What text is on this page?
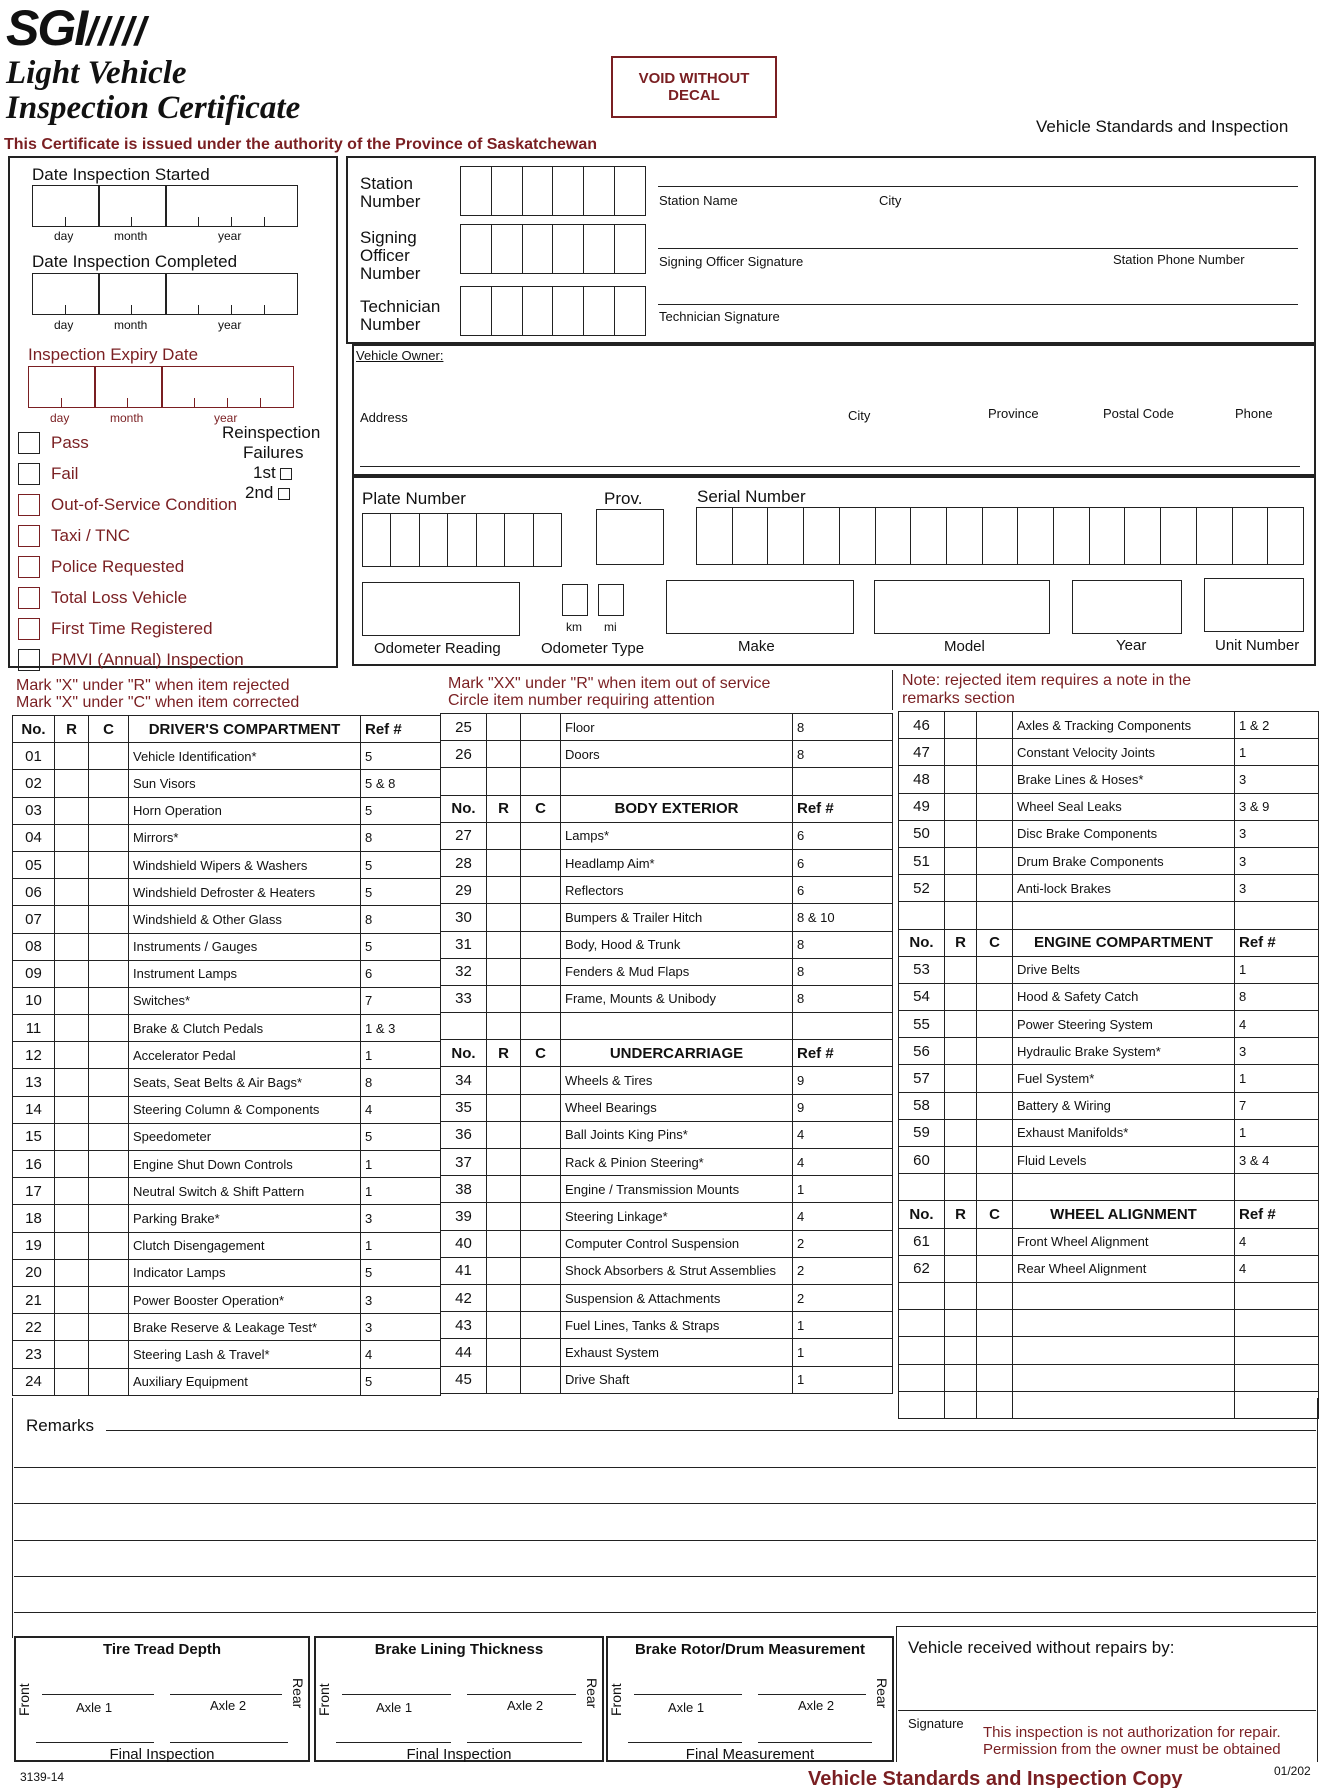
SGI/////
Light Vehicle
Inspection Certificate
This Certificate is issued under the authority of the Province of Saskatchewan
VOID WITHOUT DECAL
Vehicle Standards and Inspection
Date Inspection Started
day	month	year
Date Inspection Completed
day	month	year
Inspection Expiry Date
day	month	year
Reinspection
Failures
1st
2nd
Pass
Fail
Out-of-Service Condition
Taxi / TNC
Police Requested
Total Loss Vehicle
First Time Registered
PMVI (Annual) Inspection
Station Number
Signing Officer Number
Technician Number
Station Name	City
Signing Officer Signature	Station Phone Number
Technician Signature
Vehicle Owner:
Address	City	Province	Postal Code	Phone
Plate Number	Prov.	Serial Number
km mi
Odometer Reading	Odometer Type	Make	Model	Year	Unit Number
Mark "X" under "R" when item rejected
Mark "X" under "C" when item corrected
Mark "XX" under "R" when item out of service
Circle item number requiring attention
Note: rejected item requires a note in the
remarks section
No.	R	C	DRIVER'S COMPARTMENT	Ref #
01			Vehicle Identification*	5
02			Sun Visors	5 & 8
03			Horn Operation	5
04			Mirrors*	8
05			Windshield Wipers & Washers	5
06			Windshield Defroster & Heaters	5
07			Windshield & Other Glass	8
08			Instruments / Gauges	5
09			Instrument Lamps	6
10			Switches*	7
11			Brake & Clutch Pedals	1 & 3
12			Accelerator Pedal	1
13			Seats, Seat Belts & Air Bags*	8
14			Steering Column & Components	4
15			Speedometer	5
16			Engine Shut Down Controls	1
17			Neutral Switch & Shift Pattern	1
18			Parking Brake*	3
19			Clutch Disengagement	1
20			Indicator Lamps	5
21			Power Booster Operation*	3
22			Brake Reserve & Leakage Test*	3
23			Steering Lash & Travel*	4
24			Auxiliary Equipment	5
25			Floor	8
26			Doors	8

No.	R	C	BODY EXTERIOR	Ref #
27			Lamps*	6
28			Headlamp Aim*	6
29			Reflectors	6
30			Bumpers & Trailer Hitch	8 & 10
31			Body, Hood & Trunk	8
32			Fenders & Mud Flaps	8
33			Frame, Mounts & Unibody	8

No.	R	C	UNDERCARRIAGE	Ref #
34			Wheels & Tires	9
35			Wheel Bearings	9
36			Ball Joints King Pins*	4
37			Rack & Pinion Steering*	4
38			Engine / Transmission Mounts	1
39			Steering Linkage*	4
40			Computer Control Suspension	2
41			Shock Absorbers & Strut Assemblies	2
42			Suspension & Attachments	2
43			Fuel Lines, Tanks & Straps	1
44			Exhaust System	1
45			Drive Shaft	1
46			Axles & Tracking Components	1 & 2
47			Constant Velocity Joints	1
48			Brake Lines & Hoses*	3
49			Wheel Seal Leaks	3 & 9
50			Disc Brake Components	3
51			Drum Brake Components	3
52			Anti-lock Brakes	3

No.	R	C	ENGINE COMPARTMENT	Ref #
53			Drive Belts	1
54			Hood & Safety Catch	8
55			Power Steering System	4
56			Hydraulic Brake System*	3
57			Fuel System*	1
58			Battery & Wiring	7
59			Exhaust Manifolds*	1
60			Fluid Levels	3 & 4

No.	R	C	WHEEL ALIGNMENT	Ref #
61			Front Wheel Alignment	4
62			Rear Wheel Alignment	4

Remarks
Tire Tread Depth
Front	Rear
Axle 1	Axle 2
Final Inspection
Brake Lining Thickness
Front	Rear
Axle 1	Axle 2
Final Inspection
Brake Rotor/Drum Measurement
Front	Rear
Axle 1	Axle 2
Final Measurement
Vehicle received without repairs by:
Signature
This inspection is not authorization for repair.
Permission from the owner must be obtained
3139-14	Vehicle Standards and Inspection Copy	01/202
